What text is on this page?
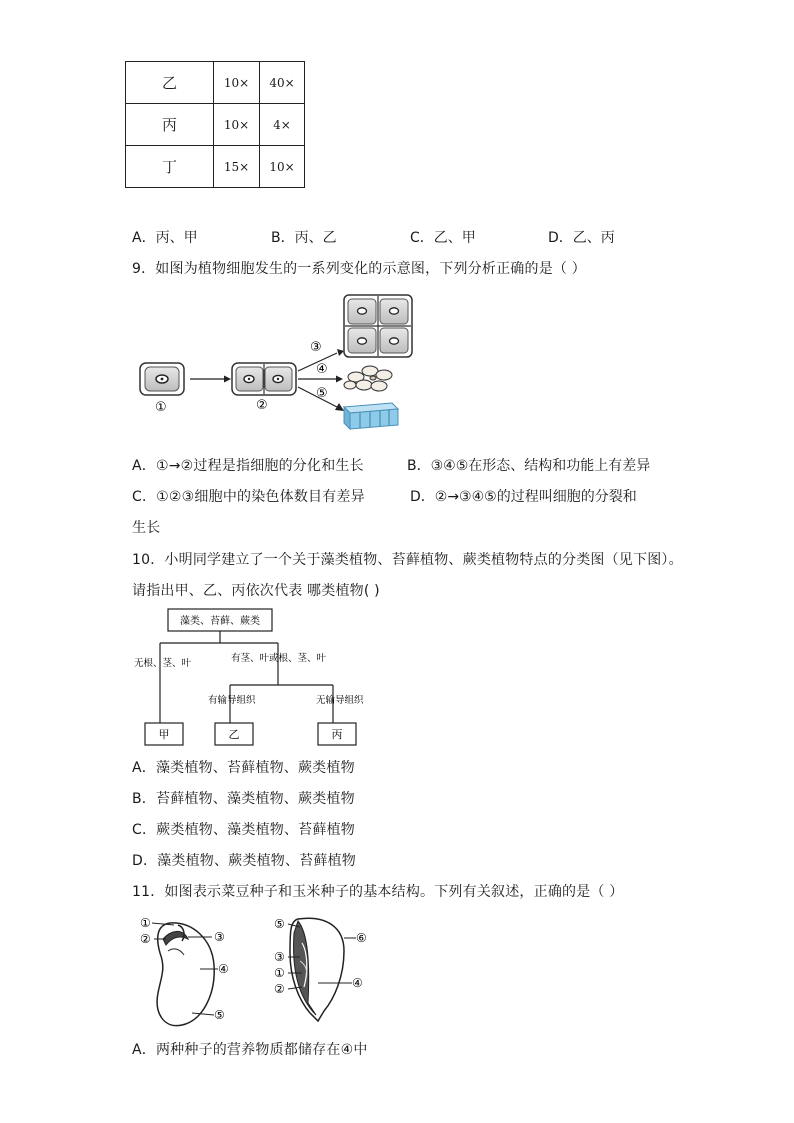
乙	10×	40×
丙	10×	4×
丁	15×	10×
A．丙、甲	B．丙、乙	C．乙、甲	D．乙、丙
9．如图为植物细胞发生的一系列变化的示意图，下列分析正确的是（ ）
①	②
③
④
⑤
A．①→②过程是指细胞的分化和生长	B．③④⑤在形态、结构和功能上有差异
C．①②③细胞中的染色体数目有差异	D．②→③④⑤的过程叫细胞的分裂和
生长
10．小明同学建立了一个关于藻类植物、苔藓植物、蕨类植物特点的分类图（见下图）。
请指出甲、乙、丙依次代表 哪类植物( )
藻类、苔藓、蕨类
无根、茎、叶	有茎、叶或根、茎、叶
有输导组织	无输导组织
甲	乙	丙
A．藻类植物、苔藓植物、蕨类植物
B．苔藓植物、藻类植物、蕨类植物
C．蕨类植物、藻类植物、苔藓植物
D．藻类植物、蕨类植物、苔藓植物
11．如图表示菜豆种子和玉米种子的基本结构。下列有关叙述，正确的是（ ）
①
②	③
④
⑤
⑤
⑥
③
①
②	④
A．两种种子的营养物质都储存在④中
